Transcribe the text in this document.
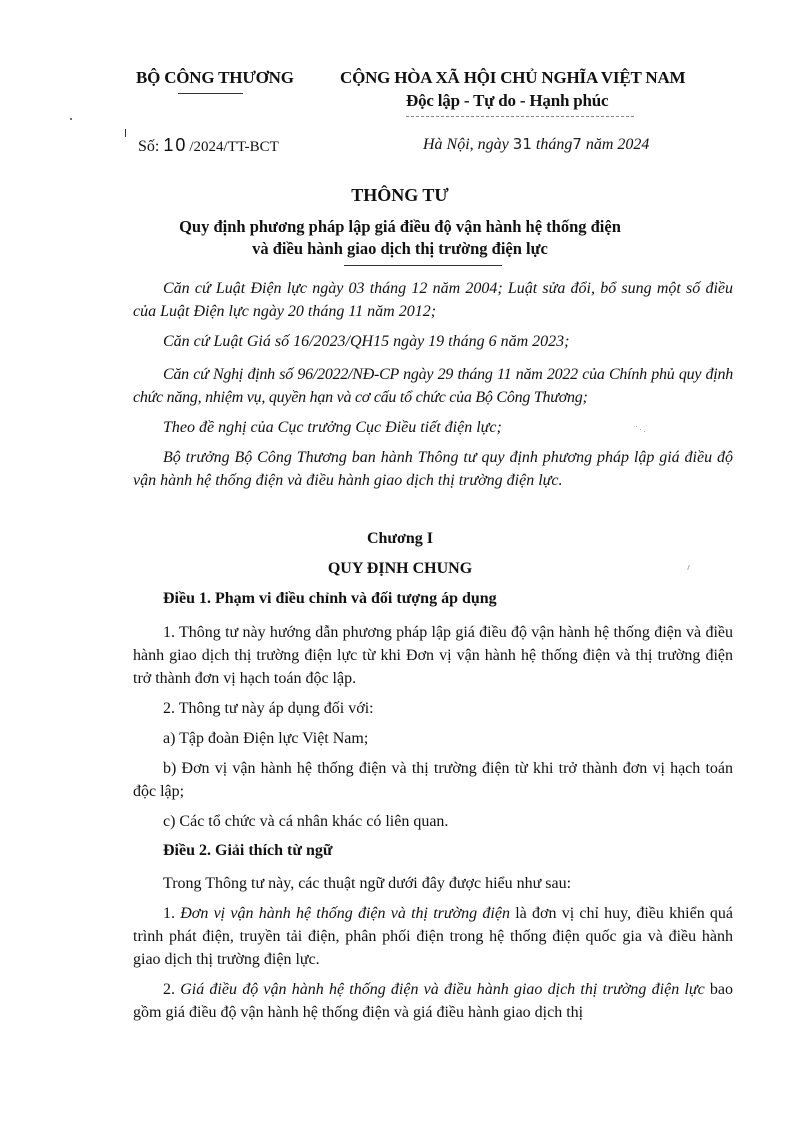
BỘ CÔNG THƯƠNG	CỘNG HÒA XÃ HỘI CHỦ NGHĨA VIỆT NAM
Độc lập - Tự do - Hạnh phúc
Số: 10 /2024/TT-BCT	Hà Nội, ngày 31 tháng7 năm 2024
THÔNG TƯ
Quy định phương pháp lập giá điều độ vận hành hệ thống điện
và điều hành giao dịch thị trường điện lực
Căn cứ Luật Điện lực ngày 03 tháng 12 năm 2004; Luật sửa đổi, bổ sung một số điều của Luật Điện lực ngày 20 tháng 11 năm 2012;
Căn cứ Luật Giá số 16/2023/QH15 ngày 19 tháng 6 năm 2023;
Căn cứ Nghị định số 96/2022/NĐ-CP ngày 29 tháng 11 năm 2022 của Chính phủ quy định chức năng, nhiệm vụ, quyền hạn và cơ cấu tổ chức của Bộ Công Thương;
Theo đề nghị của Cục trưởng Cục Điều tiết điện lực;
Bộ trưởng Bộ Công Thương ban hành Thông tư quy định phương pháp lập giá điều độ vận hành hệ thống điện và điều hành giao dịch thị trường điện lực.
Chương I
QUY ĐỊNH CHUNG
Điều 1. Phạm vi điều chỉnh và đối tượng áp dụng
1. Thông tư này hướng dẫn phương pháp lập giá điều độ vận hành hệ thống điện và điều hành giao dịch thị trường điện lực từ khi Đơn vị vận hành hệ thống điện và thị trường điện trở thành đơn vị hạch toán độc lập.
2. Thông tư này áp dụng đối với:
a) Tập đoàn Điện lực Việt Nam;
b) Đơn vị vận hành hệ thống điện và thị trường điện từ khi trở thành đơn vị hạch toán độc lập;
c) Các tổ chức và cá nhân khác có liên quan.
Điều 2. Giải thích từ ngữ
Trong Thông tư này, các thuật ngữ dưới đây được hiểu như sau:
1. Đơn vị vận hành hệ thống điện và thị trường điện là đơn vị chỉ huy, điều khiển quá trình phát điện, truyền tải điện, phân phối điện trong hệ thống điện quốc gia và điều hành giao dịch thị trường điện lực.
2. Giá điều độ vận hành hệ thống điện và điều hành giao dịch thị trường điện lực bao gồm giá điều độ vận hành hệ thống điện và giá điều hành giao dịch thị
